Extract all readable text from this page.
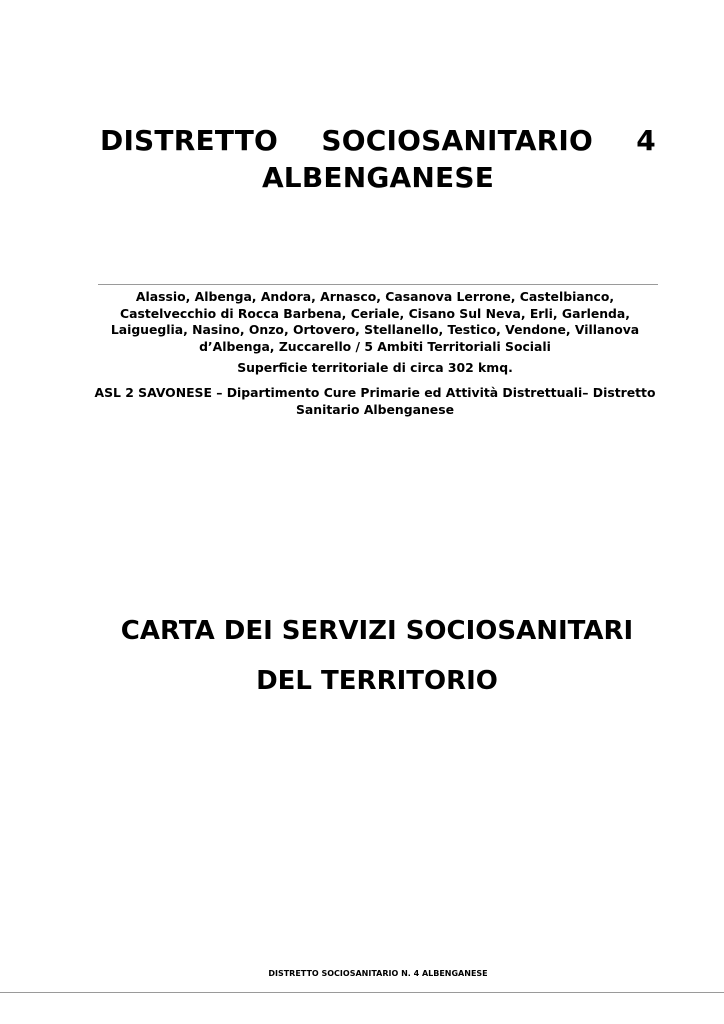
DISTRETTO SOCIOSANITARIO 4
ALBENGANESE
Alassio, Albenga, Andora, Arnasco, Casanova Lerrone, Castelbianco, Castelvecchio di Rocca Barbena, Ceriale, Cisano Sul Neva, Erli, Garlenda, Laigueglia, Nasino, Onzo, Ortovero, Stellanello, Testico, Vendone, Villanova d’Albenga, Zuccarello / 5 Ambiti Territoriali Sociali
Superficie territoriale di circa 302 kmq.
ASL 2 SAVONESE – Dipartimento Cure Primarie ed Attività Distrettuali– Distretto Sanitario Albenganese
CARTA DEI SERVIZI SOCIOSANITARI
DEL TERRITORIO
DISTRETTO SOCIOSANITARIO N. 4 ALBENGANESE
